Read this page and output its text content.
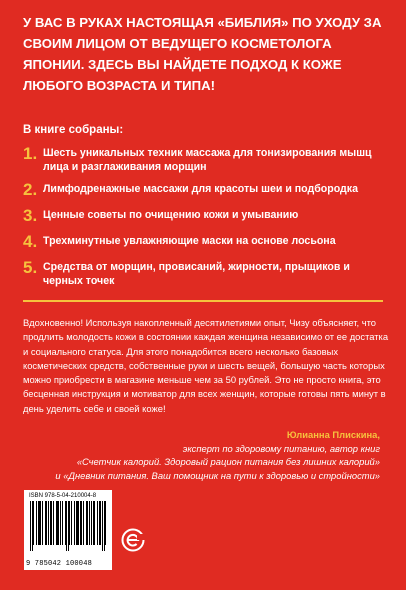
У ВАС В РУКАХ НАСТОЯЩАЯ «БИБЛИЯ» ПО УХОДУ ЗА СВОИМ ЛИЦОМ ОТ ВЕДУЩЕГО КОСМЕТОЛОГА ЯПОНИИ. ЗДЕСЬ ВЫ НАЙДЕТЕ ПОДХОД К КОЖЕ ЛЮБОГО ВОЗРАСТА И ТИПА!

В книге собраны:

1. Шесть уникальных техник массажа для тонизирования мышц лица и разглаживания морщин
2. Лимфодренажные массажи для красоты шеи и подбородка
3. Ценные советы по очищению кожи и умыванию
4. Трехминутные увлажняющие маски на основе лосьона
5. Средства от морщин, провисаний, жирности, прыщиков и черных точек

Вдохновенно! Используя накопленный десятилетиями опыт, Чизу объясняет, что продлить молодость кожи в состоянии каждая женщина независимо от ее достатка и социального статуса. Для этого понадобится всего несколько базовых косметических средств, собственные руки и шесть вещей, большую часть которых можно приобрести в магазине меньше чем за 50 рублей. Это не просто книга, это бесценная инструкция и мотиватор для всех женщин, которые готовы пять минут в день уделить себе и своей коже!

Юлианна Плискина,
эксперт по здоровому питанию, автор книг
«Счетчик калорий. Здоровый рацион питания без лишних калорий»
и «Дневник питания. Ваш помощник на пути к здоровью и стройности»
ISBN 978-5-04-210004-8
9 785042 100048
